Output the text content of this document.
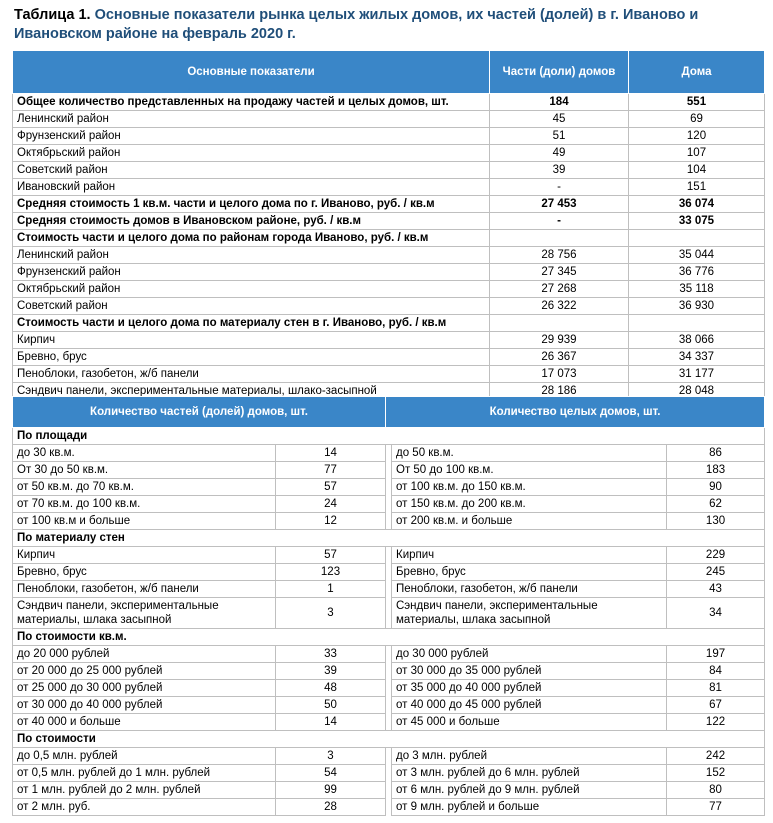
Таблица 1. Основные показатели рынка целых жилых домов, их частей (долей) в г. Иваново и Ивановском районе на февраль 2020 г.
Основные показатели	Части (доли) домов	Дома
Общее количество представленных на продажу частей и целых домов, шт.	184	551
Ленинский район	45	69
Фрунзенский район	51	120
Октябрьский район	49	107
Советский район	39	104
Ивановский район	-	151
Средняя стоимость 1 кв.м. части и целого дома по г. Иваново, руб. / кв.м	27 453	36 074
Средняя стоимость домов в Ивановском районе, руб. / кв.м	-	33 075
Стоимость части и целого дома по районам города Иваново, руб. / кв.м		
Ленинский район	28 756	35 044
Фрунзенский район	27 345	36 776
Октябрьский район	27 268	35 118
Советский район	26 322	36 930
Стоимость части и целого дома по материалу стен в г. Иваново, руб. / кв.м		
Кирпич	29 939	38 066
Бревно, брус	26 367	34 337
Пеноблоки, газобетон, ж/б панели	17 073	31 177
Сэндвич панели, экспериментальные материалы, шлако-засыпной	28 186	28 048
Количество частей (долей) домов, шт.		Количество целых домов, шт.		
По площади				
до 30 кв.м.	14		до 50 кв.м.	86
От 30 до 50 кв.м.	77		От 50 до 100 кв.м.	183
от 50 кв.м. до 70 кв.м.	57		от 100 кв.м. до 150 кв.м.	90
от 70 кв.м. до 100 кв.м.	24		от 150 кв.м. до 200 кв.м.	62
от 100 кв.м и больше	12		от 200 кв.м. и больше	130
По материалу стен				
Кирпич	57		Кирпич	229
Бревно, брус	123		Бревно, брус	245
Пеноблоки, газобетон, ж/б панели	1		Пеноблоки, газобетон, ж/б панели	43
Сэндвич панели, экспериментальные материалы, шлака засыпной	3		Сэндвич панели, экспериментальные материалы, шлака засыпной	34
По стоимости кв.м.				
до 20 000 рублей	33		до 30 000 рублей	197
от 20 000 до 25 000 рублей	39		от 30 000 до 35 000 рублей	84
от 25 000 до 30 000 рублей	48		от 35 000 до 40 000 рублей	81
от 30 000 до 40 000 рублей	50		от 40 000 до 45 000 рублей	67
от 40 000 и больше	14		от 45 000 и больше	122
По стоимости				
до 0,5 млн. рублей	3		до 3 млн. рублей	242
от 0,5 млн. рублей до 1 млн. рублей	54		от 3 млн. рублей до 6 млн. рублей	152
от 1 млн. рублей до 2 млн. рублей	99		от 6 млн. рублей до 9 млн. рублей	80
от 2 млн. руб.	28		от 9 млн. рублей и больше	77
